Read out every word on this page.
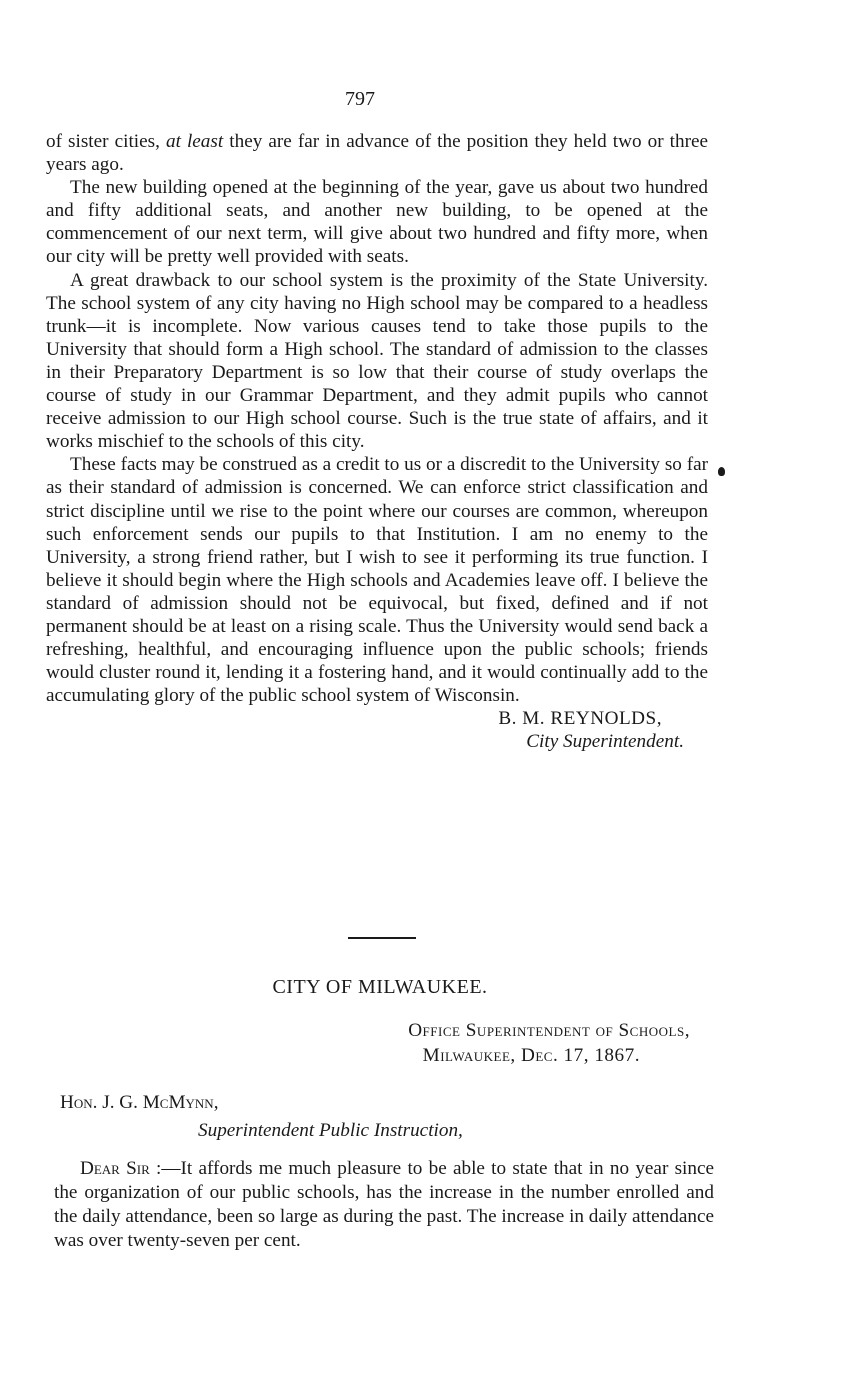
797

of sister cities, at least they are far in advance of the position they held two or three years ago.

The new building opened at the beginning of the year, gave us about two hundred and fifty additional seats, and another new building, to be opened at the commencement of our next term, will give about two hundred and fifty more, when our city will be pretty well provided with seats.

A great drawback to our school system is the proximity of the State University. The school system of any city having no High school may be compared to a headless trunk—it is incomplete. Now various causes tend to take those pupils to the University that should form a High school. The standard of admission to the classes in their Preparatory Department is so low that their course of study overlaps the course of study in our Grammar Department, and they admit pupils who cannot receive admission to our High school course. Such is the true state of affairs, and it works mischief to the schools of this city.

These facts may be construed as a credit to us or a discredit to the University so far as their standard of admission is concerned. We can enforce strict classification and strict discipline until we rise to the point where our courses are common, whereupon such enforcement sends our pupils to that Institution. I am no enemy to the University, a strong friend rather, but I wish to see it performing its true function. I believe it should begin where the High schools and Academies leave off. I believe the standard of admission should not be equivocal, but fixed, defined and if not permanent should be at least on a rising scale. Thus the University would send back a refreshing, healthful, and encouraging influence upon the public schools; friends would cluster round it, lending it a fostering hand, and it would continually add to the accumulating glory of the public school system of Wisconsin.

B. M. REYNOLDS,
City Superintendent.
CITY OF MILWAUKEE.
Office Superintendent of Schools,
Milwaukee, Dec. 17, 1867.
Hon. J. G. McMynn,
Superintendent Public Instruction,

Dear Sir :—It affords me much pleasure to be able to state that in no year since the organization of our public schools, has the increase in the number enrolled and the daily attendance, been so large as during the past. The increase in daily attendance was over twenty-seven per cent.
